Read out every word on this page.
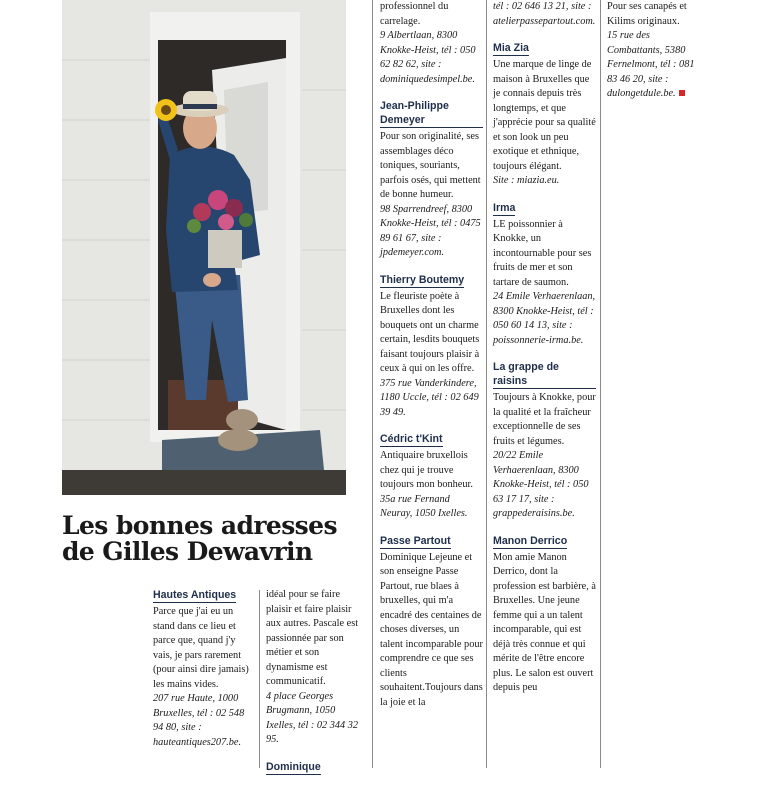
Les bonnes adresses
de Gilles Dewavrin
Hautes Antiques
Parce que j'ai eu un stand dans ce lieu et parce que, quand j'y vais, je pars rarement (pour ainsi dire jamais) les mains vides.
207 rue Haute, 1000 Bruxelles, tél : 02 548 94 80, site : hauteantiques207.be.
idéal pour se faire plaisir et faire plaisir aux autres. Pascale est passionnée par son métier et son dynamisme est communicatif.
4 place Georges Brugmann, 1050 Ixelles, tél : 02 344 32 95.
Dominique
professionnel du carrelage.
9 Albertlaan, 8300 Knokke-Heist, tél : 050 62 82 62, site : dominiquedesimpel.be.
Jean-Philippe Demeyer
Pour son originalité, ses assemblages déco toniques, souriants, parfois osés, qui mettent de bonne humeur.
98 Sparrendreef, 8300 Knokke-Heist, tél : 0475 89 61 67, site : jpdemeyer.com.
Thierry Boutemy
Le fleuriste poète à Bruxelles dont les bouquets ont un charme certain, lesdits bouquets faisant toujours plaisir à ceux à qui on les offre.
375 rue Vanderkindere, 1180 Uccle, tél : 02 649 39 49.
Cédric t'Kint
Antiquaire bruxellois chez qui je trouve toujours mon bonheur.
35a rue Fernand Neuray, 1050 Ixelles.
Passe Partout
Dominique Lejeune et son enseigne Passe Partout, rue blaes à bruxelles, qui m'a encadré des centaines de choses diverses, un talent incomparable pour comprendre ce que ses clients souhaitent.Toujours dans la joie et la
tél : 02 646 13 21, site : atelierpassepartout.com.
Mia Zia
Une marque de linge de maison à Bruxelles que je connais depuis très longtemps, et que j'apprécie pour sa qualité et son look un peu exotique et ethnique, toujours élégant.
Site : miazia.eu.
Irma
LE poissonnier à Knokke, un incontournable pour ses fruits de mer et son tartare de saumon.
24 Emile Verhaerenlaan, 8300 Knokke-Heist, tél : 050 60 14 13, site : poissonnerie-irma.be.
La grappe de raisins
Toujours à Knokke, pour la qualité et la fraîcheur exceptionnelle de ses fruits et légumes.
20/22 Emile Verhaerenlaan, 8300 Knokke-Heist, tél : 050 63 17 17, site : grappederaisins.be.
Manon Derrico
Mon amie Manon Derrico, dont la profession est barbière, à Bruxelles. Une jeune femme qui a un talent incomparable, qui est déjà très connue et qui mérite de l'être encore plus. Le salon est ouvert depuis peu
Pour ses canapés et Kilims originaux.
15 rue des Combattants, 5380 Fernelmont, tél : 081 83 46 20, site : dulongetdule.be.
